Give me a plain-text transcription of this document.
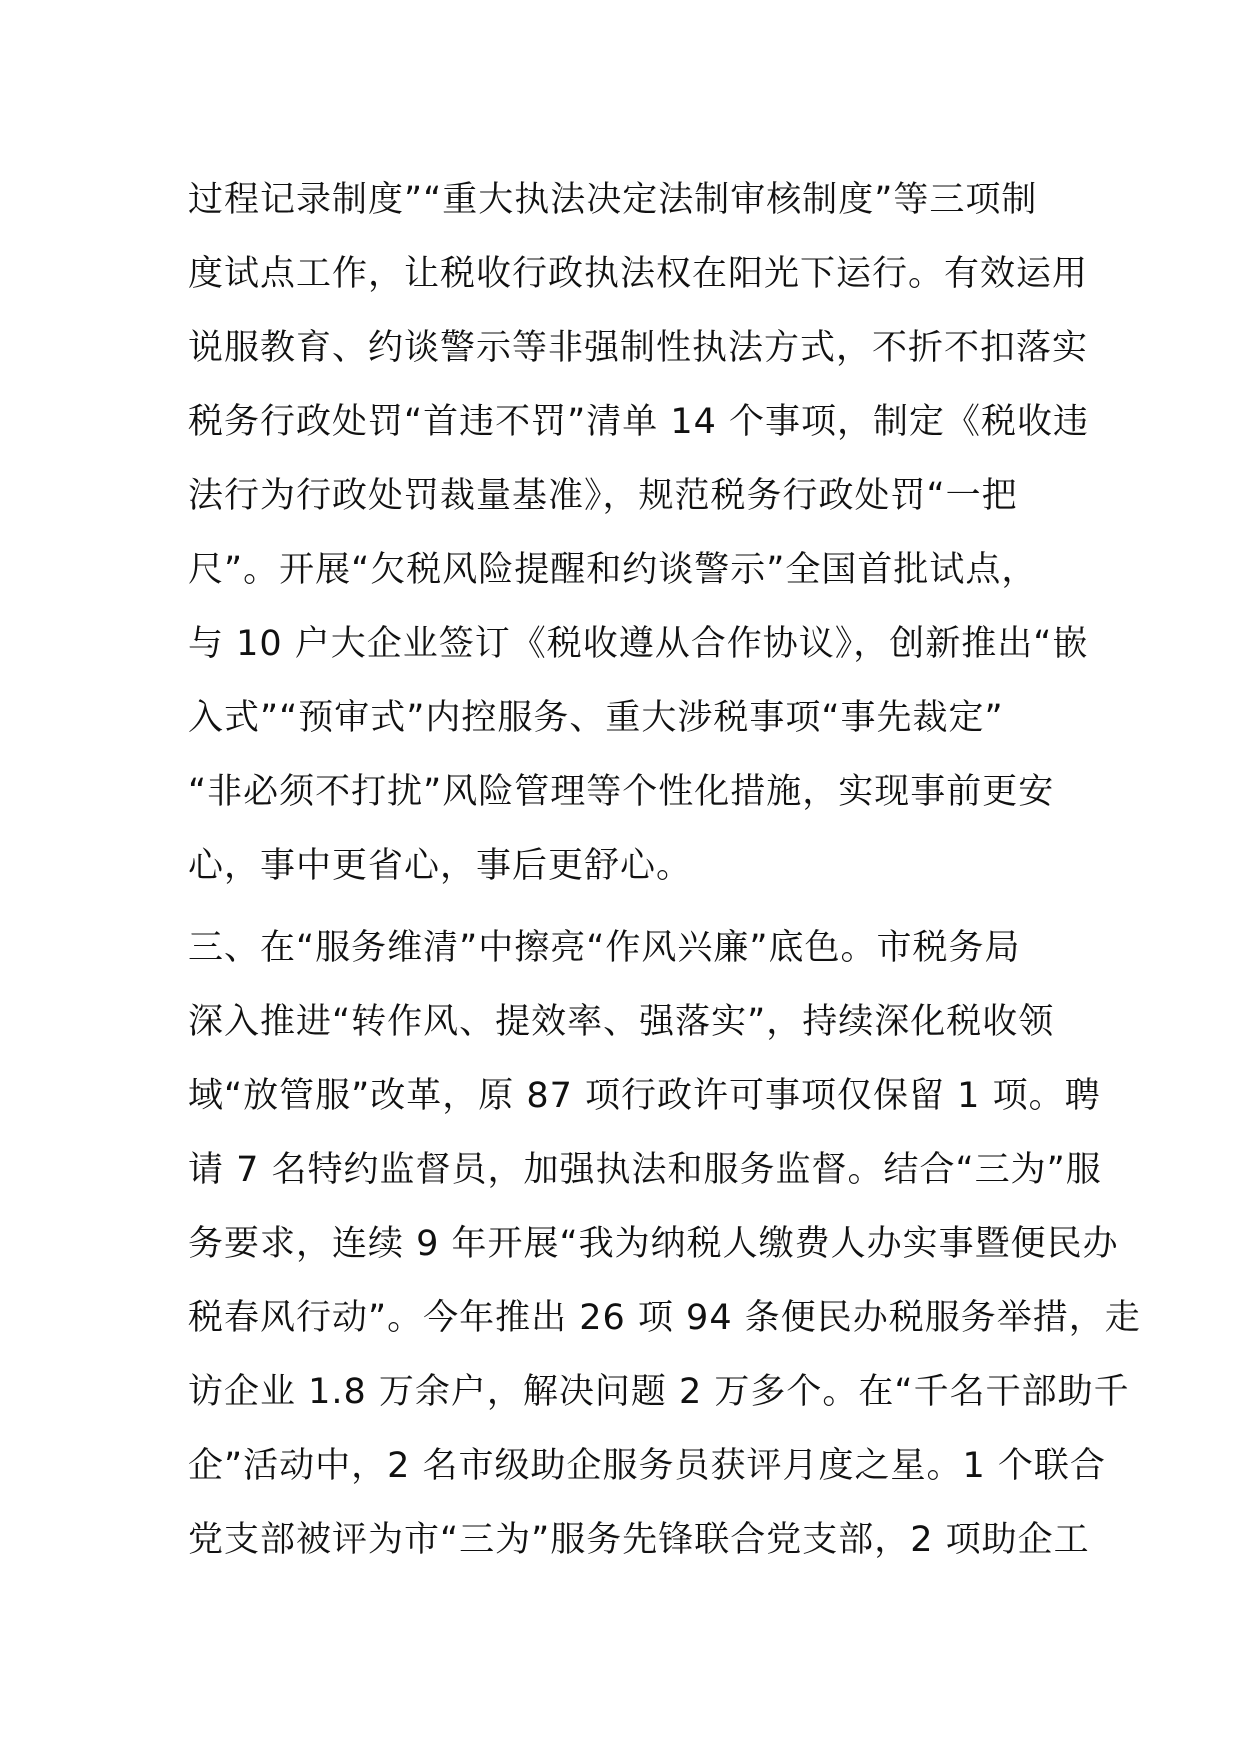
过程记录制度”“重大执法决定法制审核制度”等三项制
度试点工作，让税收行政执法权在阳光下运行。有效运用
说服教育、约谈警示等非强制性执法方式，不折不扣落实
税务行政处罚“首违不罚”清单 14 个事项，制定《税收违
法行为行政处罚裁量基准》，规范税务行政处罚“一把
尺”。开展“欠税风险提醒和约谈警示”全国首批试点，
与 10 户大企业签订《税收遵从合作协议》，创新推出“嵌
入式”“预审式”内控服务、重大涉税事项“事先裁定”
“非必须不打扰”风险管理等个性化措施，实现事前更安
心，事中更省心，事后更舒心。
三、在“服务维清”中擦亮“作风兴廉”底色。市税务局
深入推进“转作风、提效率、强落实”，持续深化税收领
域“放管服”改革，原 87 项行政许可事项仅保留 1 项。聘
请 7 名特约监督员，加强执法和服务监督。结合“三为”服
务要求，连续 9 年开展“我为纳税人缴费人办实事暨便民办
税春风行动”。今年推出 26 项 94 条便民办税服务举措，走
访企业 1.8 万余户，解决问题 2 万多个。在“千名干部助千
企”活动中，2 名市级助企服务员获评月度之星。1 个联合
党支部被评为市“三为”服务先锋联合党支部，2 项助企工
